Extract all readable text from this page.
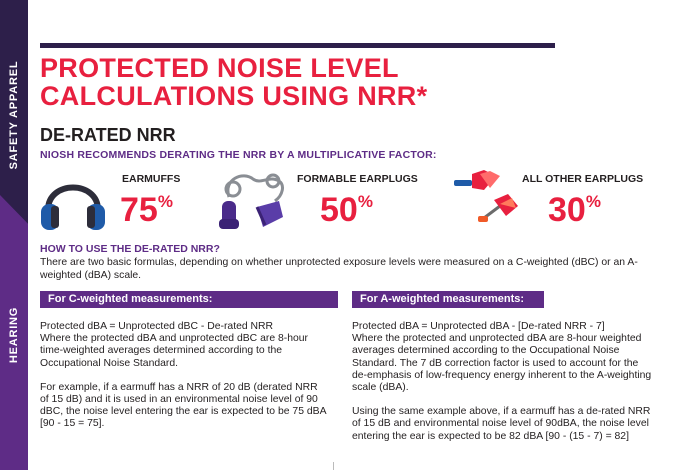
SAFETY APPAREL
HEARING
PROTECTED NOISE LEVEL
CALCULATIONS USING NRR*
DE-RATED NRR

NIOSH RECOMMENDS DERATING THE NRR BY A MULTIPLICATIVE FACTOR:

EARMUFFS
75%
FORMABLE EARPLUGS
50%
ALL OTHER EARPLUGS
30%
HOW TO USE THE DE-RATED NRR?

There are two basic formulas, depending on whether unprotected exposure levels were measured on a C-weighted (dBC) or an A-weighted (dBA) scale.

For C-weighted measurements:	For A-weighted measurements:

Protected dBA = Unprotected dBC - De-rated NRR
Where the protected dBA and unprotected dBC are 8-hour time-weighted averages determined according to the Occupational Noise Standard.

For example, if a earmuff has a NRR of 20 dB (derated NRR of 15 dB) and it is used in an environmental noise level of 90 dBC, the noise level entering the ear is expected to be 75 dBA [90 - 15 = 75].

Protected dBA = Unprotected dBA - [De-rated NRR - 7]
Where the protected and unprotected dBA are 8-hour weighted averages determined according to the Occupational Noise Standard. The 7 dB correction factor is used to account for the de-emphasis of low-frequency energy inherent to the A-weighting scale (dBA).

Using the same example above, if a earmuff has a de-rated NRR of 15 dB and environmental noise level of 90dBA, the noise level entering the ear is expected to be 82 dBA [90 - (15 - 7) = 82]
